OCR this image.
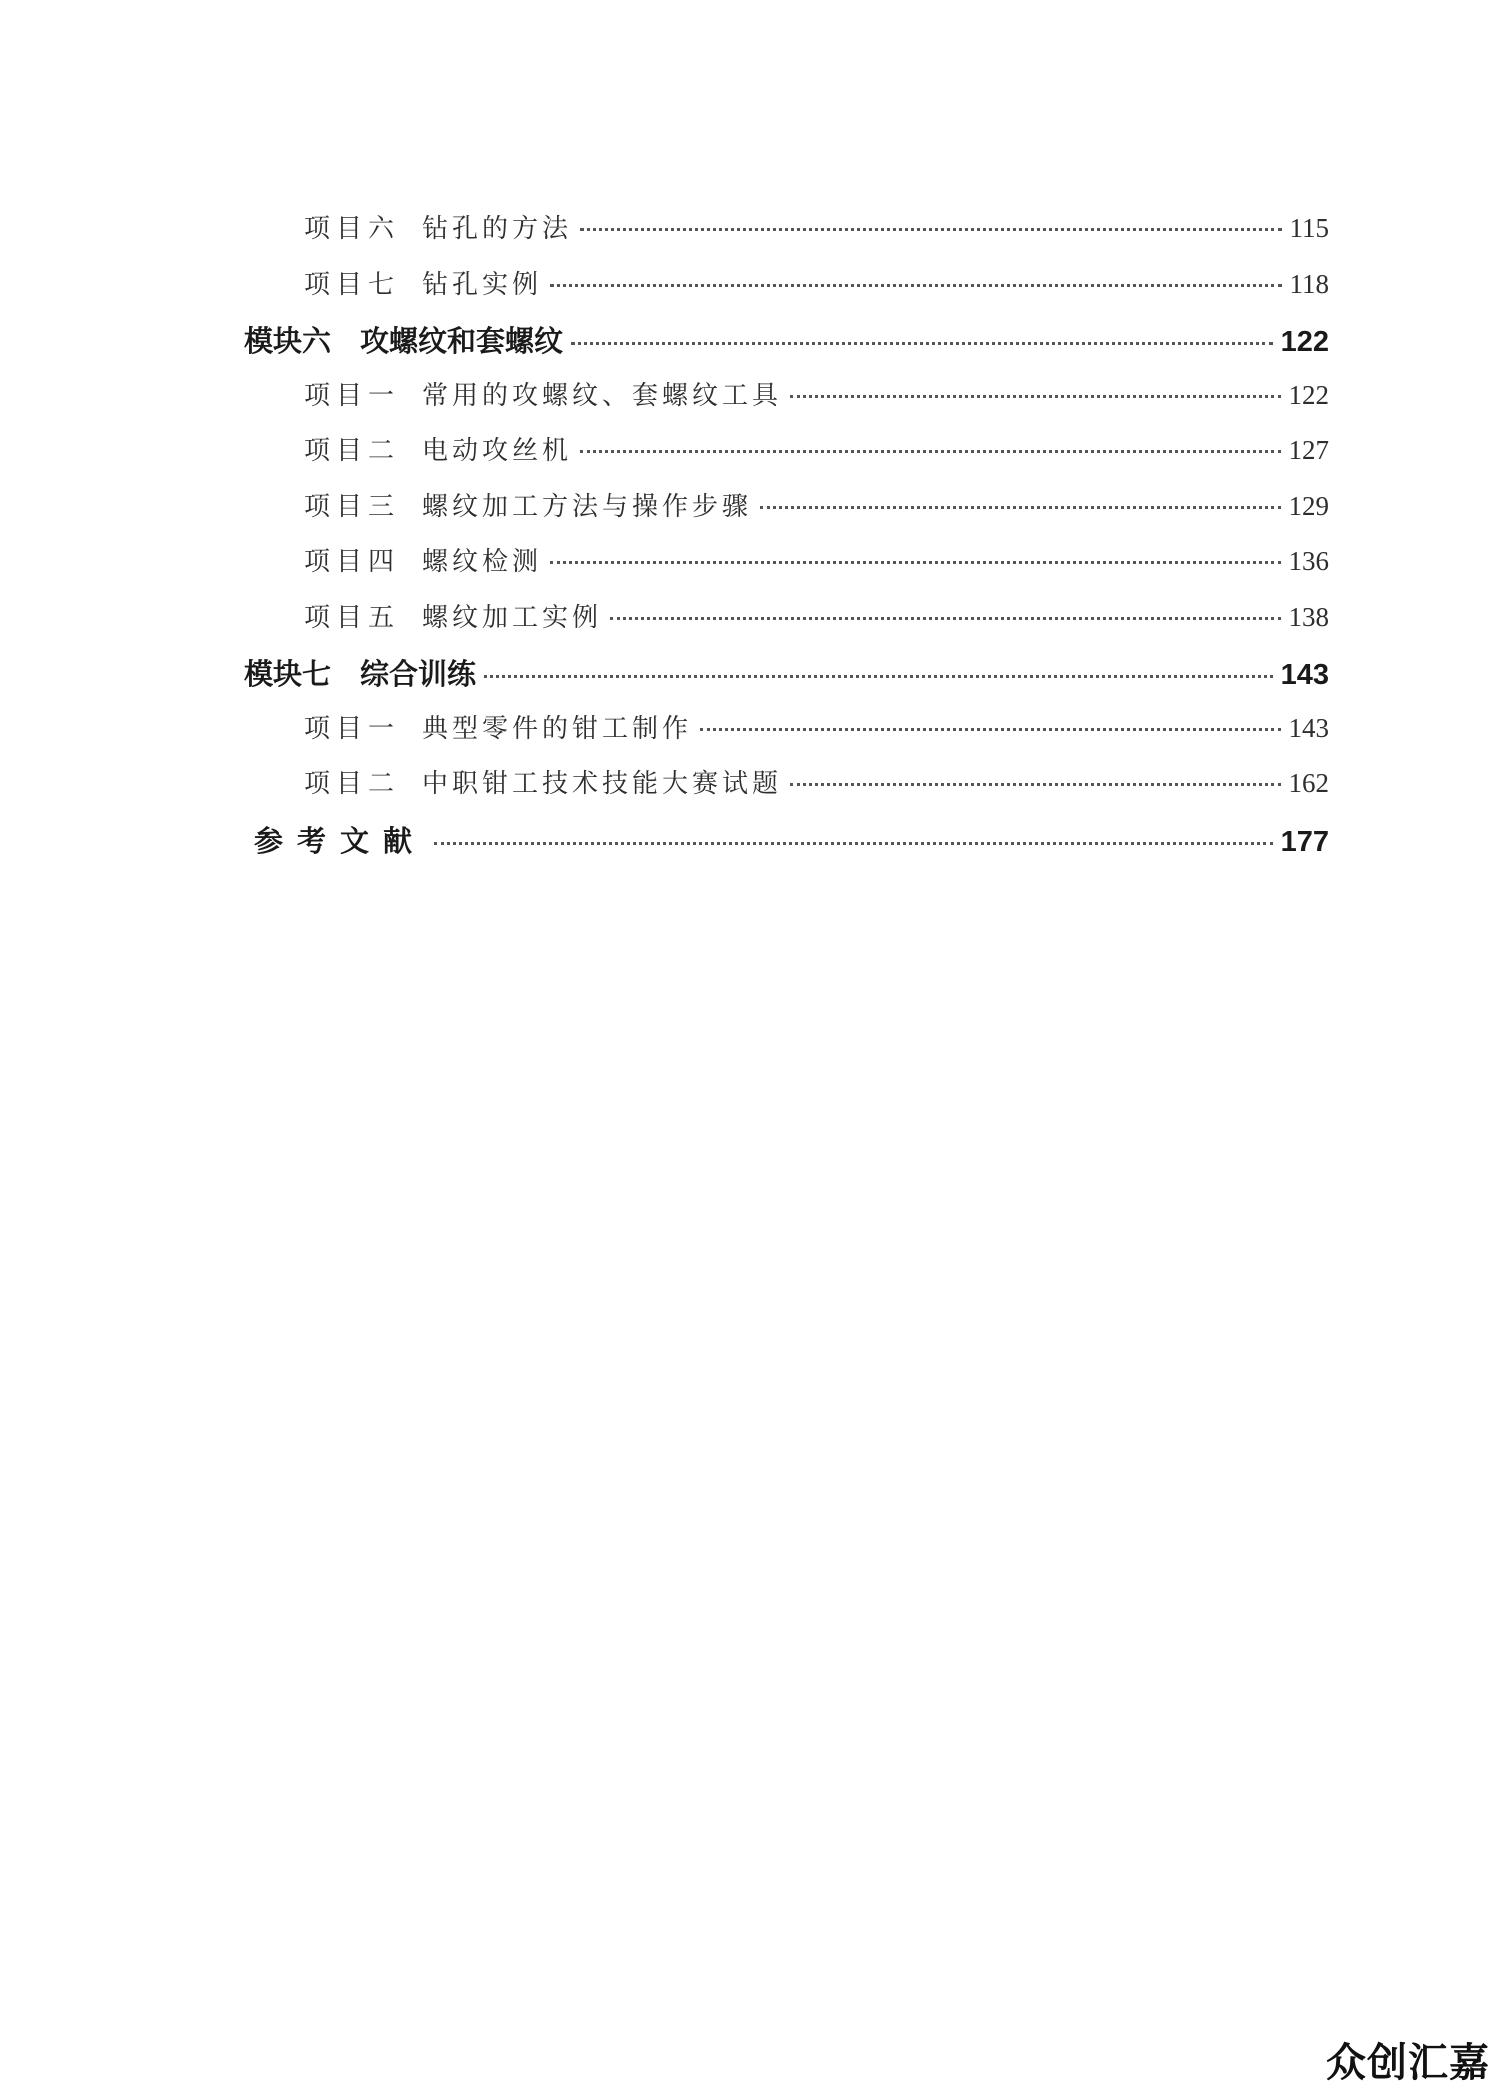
项目六 钻孔的方法	115
项目七 钻孔实例	118
模块六 攻螺纹和套螺纹	122
项目一 常用的攻螺纹、套螺纹工具	122
项目二 电动攻丝机	127
项目三 螺纹加工方法与操作步骤	129
项目四 螺纹检测	136
项目五 螺纹加工实例	138
模块七 综合训练	143
项目一 典型零件的钳工制作	143
项目二 中职钳工技术技能大赛试题	162
参考文献	177
众创汇嘉
